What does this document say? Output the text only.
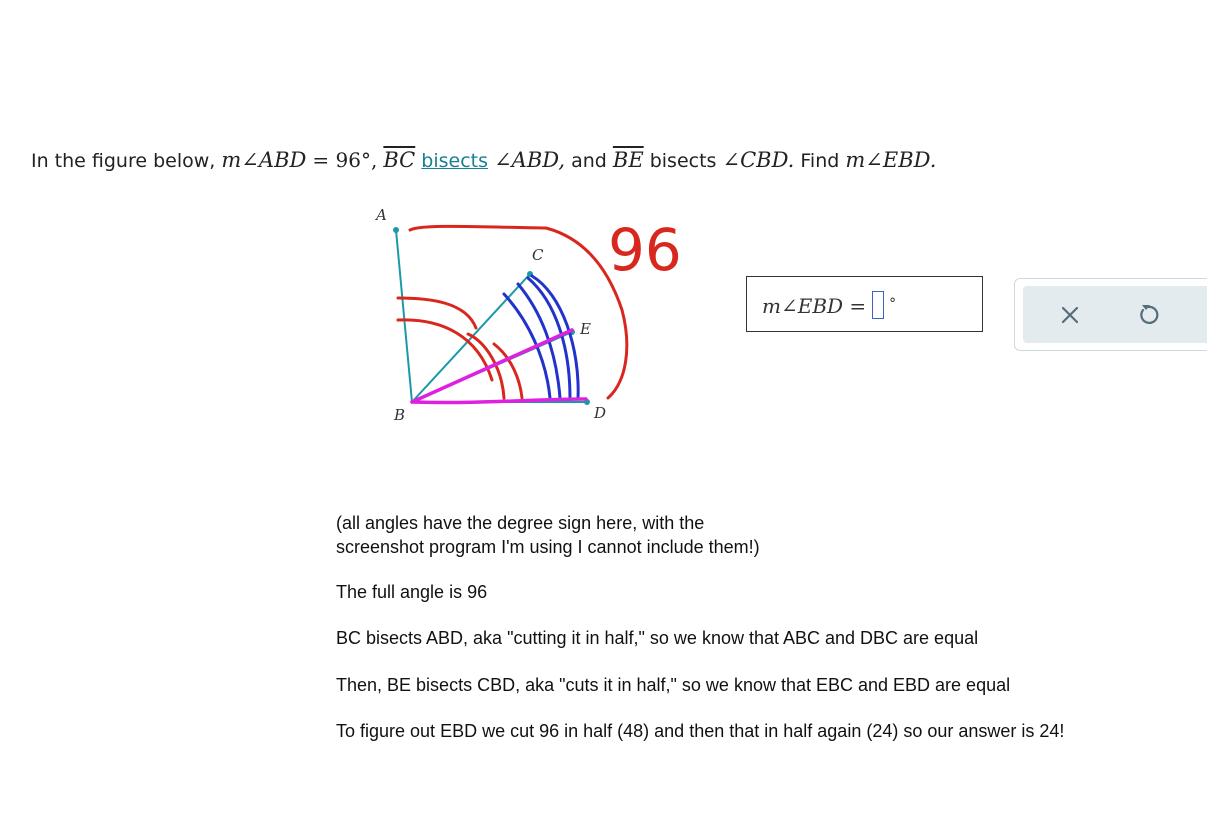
In the figure below, m∠ABD = 96°, $\overline{BC}$ bisects ∠ABD, and $\overline{BE}$ bisects ∠CBD. Find m∠EBD.
96
A
C
E
B	D
m∠EBD = °
(all angles have the degree sign here, with the
screenshot program I'm using I cannot include them!)
The full angle is 96
BC bisects ABD, aka "cutting it in half," so we know that ABC and DBC are equal
Then, BE bisects CBD, aka "cuts it in half," so we know that EBC and EBD are equal
To figure out EBD we cut 96 in half (48) and then that in half again (24) so our answer is 24!
